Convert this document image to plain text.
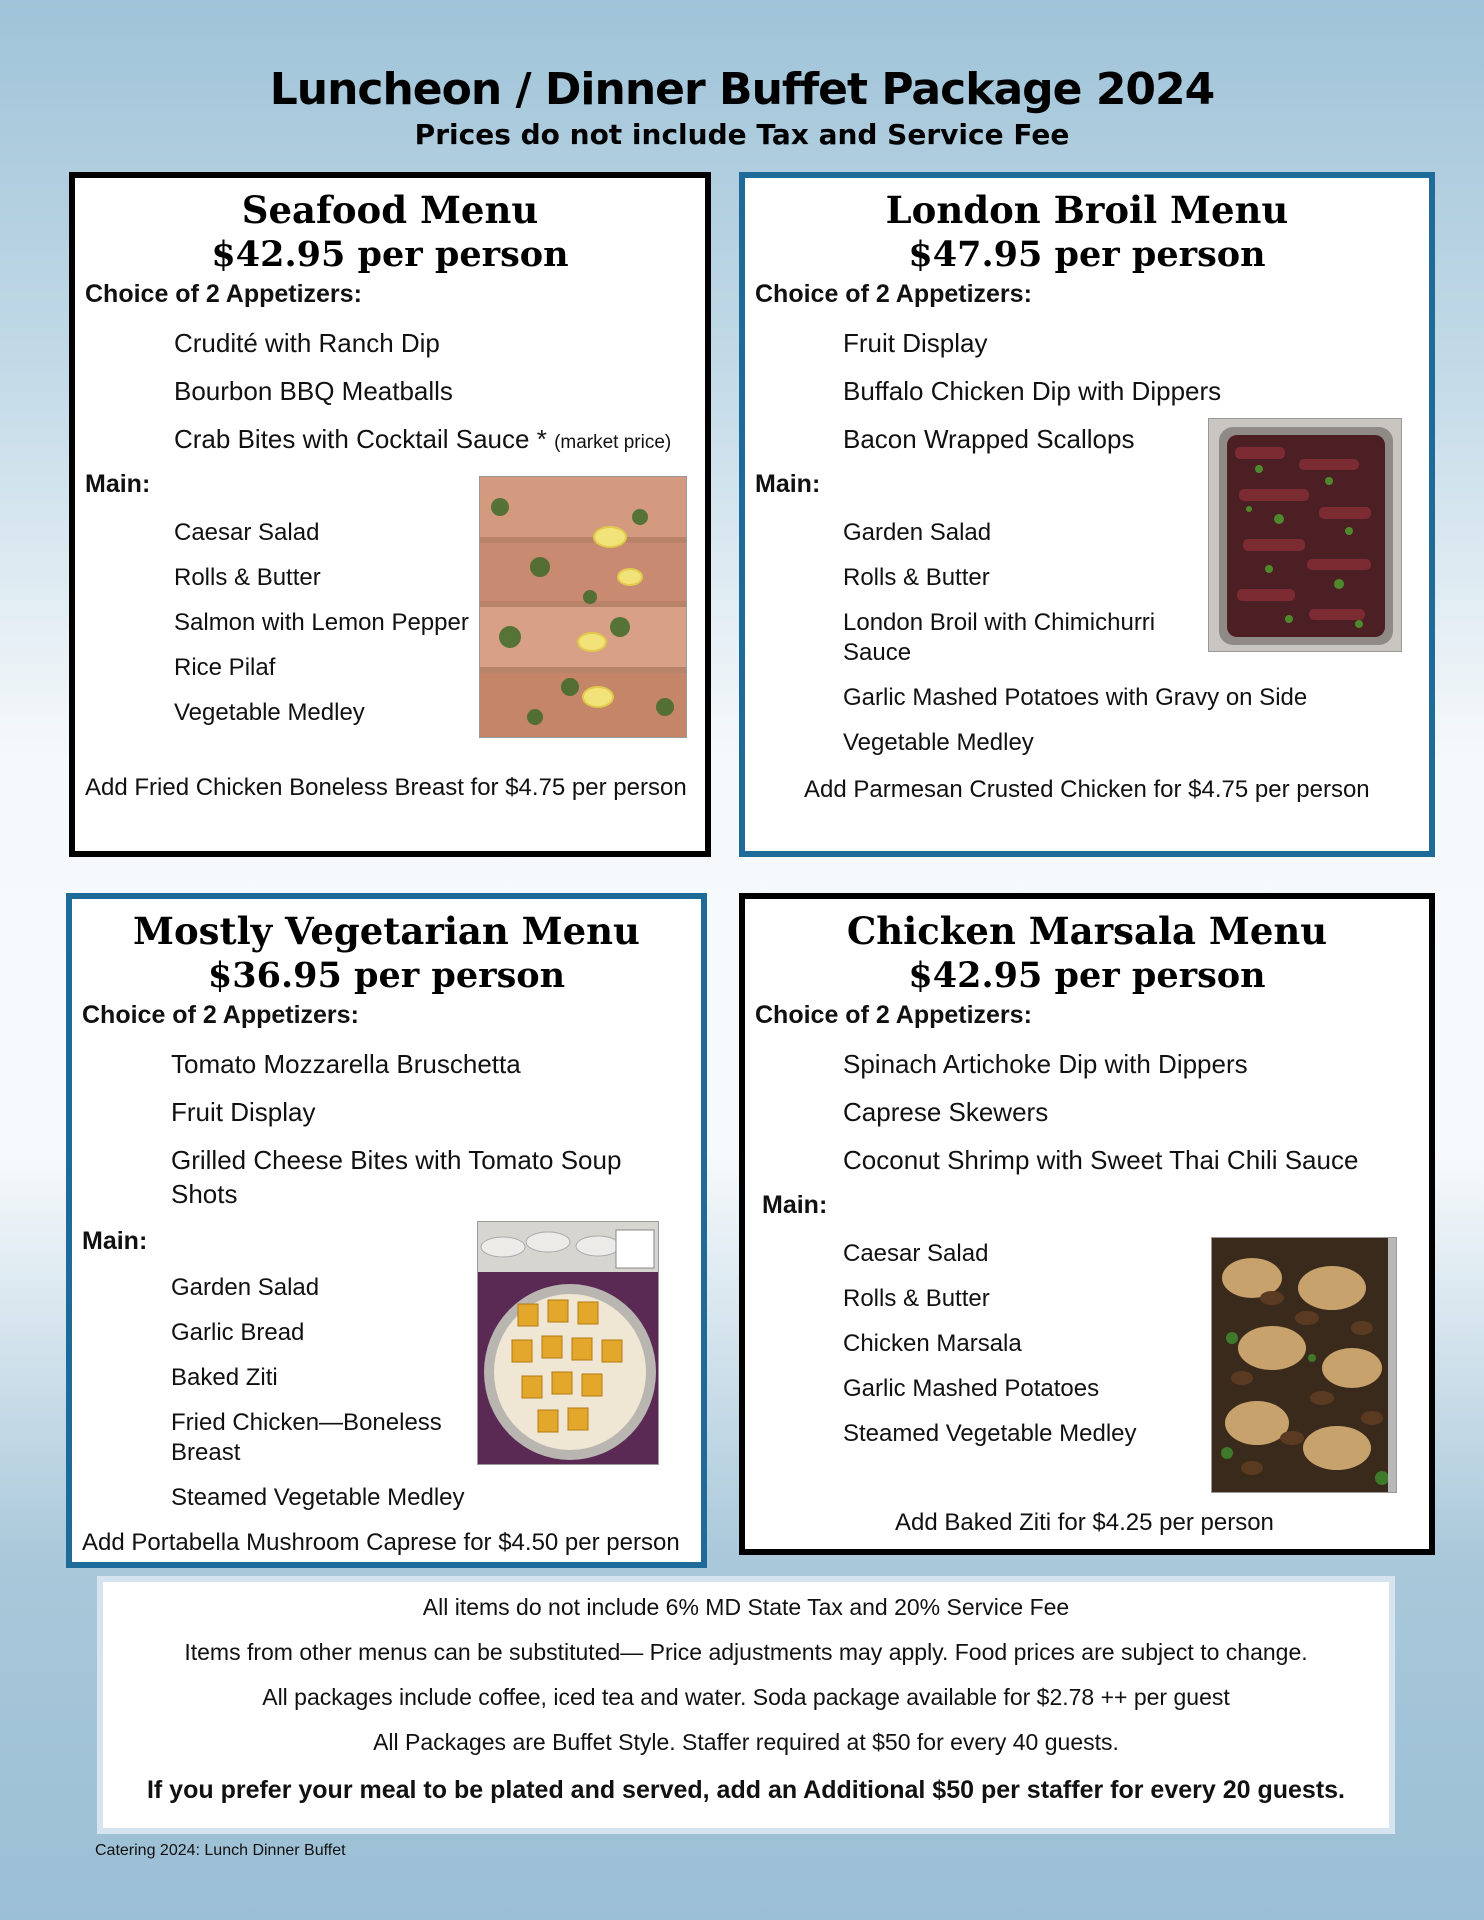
Luncheon / Dinner Buffet Package 2024
Prices do not include Tax and Service Fee
Seafood Menu
$42.95 per person
Choice of 2 Appetizers:
Crudité with Ranch Dip
Bourbon BBQ Meatballs
Crab Bites with Cocktail Sauce * (market price)
Main:
Caesar Salad
Rolls & Butter
Salmon with Lemon Pepper
Rice Pilaf
Vegetable Medley
Add Fried Chicken Boneless Breast for $4.75 per person
London Broil Menu
$47.95 per person
Choice of 2 Appetizers:
Fruit Display
Buffalo Chicken Dip with Dippers
Bacon Wrapped Scallops
Main:
Garden Salad
Rolls & Butter
London Broil with Chimichurri
Sauce
Garlic Mashed Potatoes with Gravy on Side
Vegetable Medley
Add Parmesan Crusted Chicken for $4.75 per person
Mostly Vegetarian Menu
$36.95 per person
Choice of 2 Appetizers:
Tomato Mozzarella Bruschetta
Fruit Display
Grilled Cheese Bites with Tomato Soup
Shots
Main:
Garden Salad
Garlic Bread
Baked Ziti
Fried Chicken—Boneless
Breast
Steamed Vegetable Medley
Add Portabella Mushroom Caprese for $4.50 per person
Chicken Marsala Menu
$42.95 per person
Choice of 2 Appetizers:
Spinach Artichoke Dip with Dippers
Caprese Skewers
Coconut Shrimp with Sweet Thai Chili Sauce
Main:
Caesar Salad
Rolls & Butter
Chicken Marsala
Garlic Mashed Potatoes
Steamed Vegetable Medley
Add Baked Ziti for $4.25 per person
All items do not include 6% MD State Tax and 20% Service Fee
Items from other menus can be substituted— Price adjustments may apply. Food prices are subject to change.
All packages include coffee, iced tea and water. Soda package available for $2.78 ++ per guest
All Packages are Buffet Style. Staffer required at $50 for every 40 guests.
If you prefer your meal to be plated and served, add an Additional $50 per staffer for every 20 guests.
Catering 2024: Lunch Dinner Buffet
